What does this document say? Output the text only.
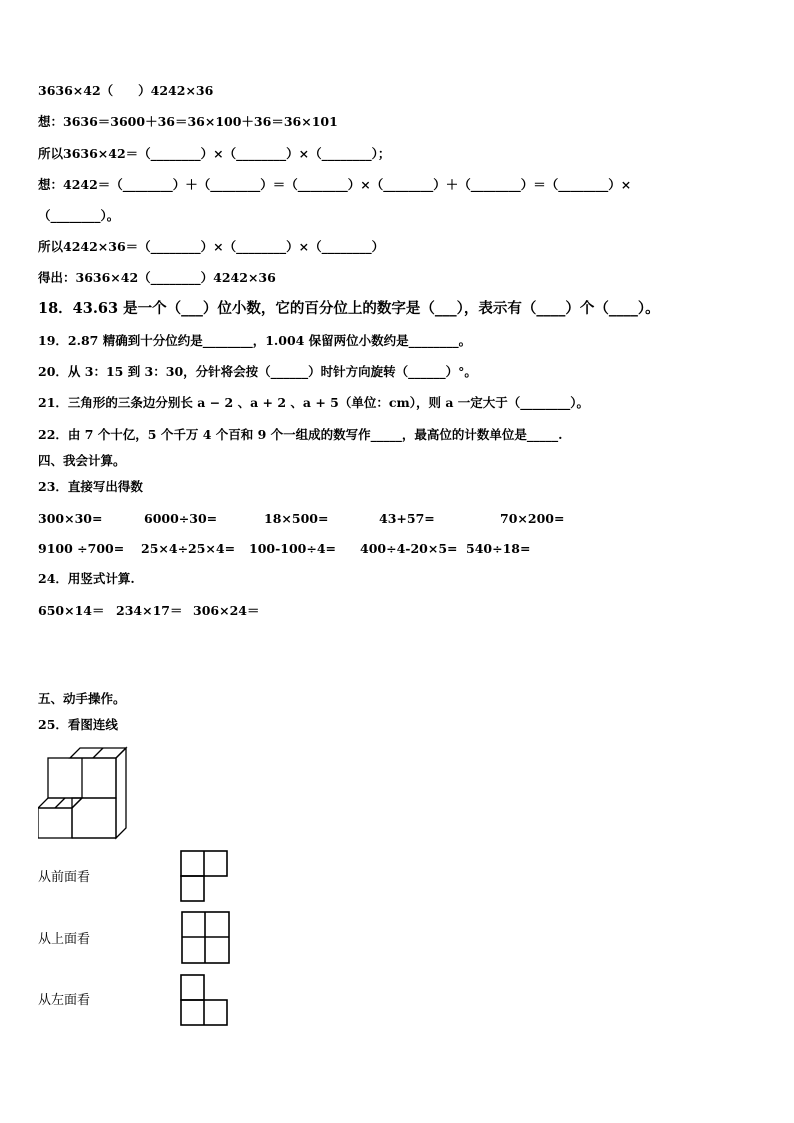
3636×42（　　）4242×36
想：3636＝3600＋36＝36×100＋36＝36×101
所以3636×42＝（________）×（________）×（________）；
想：4242＝（________）＋（________）＝（________）×（________）＋（________）＝（________）×
（________）。
所以4242×36＝（________）×（________）×（________）
得出：3636×42（________）4242×36
18．43.63 是一个（___）位小数，它的百分位上的数字是（___），表示有（____）个（____）。
19．2.87 精确到十分位约是________，1.004 保留两位小数约是________。
20．从 3：15 到 3：30，分针将会按（______）时针方向旋转（______）°。
21．三角形的三条边分别长 a − 2 、a + 2 、a + 5（单位：cm），则 a 一定大于（________）。
22．由 7 个十亿，5 个千万 4 个百和 9 个一组成的数写作_____，最高位的计数单位是_____.
四、我会计算。
23．直接写出得数
300×30=	6000÷30=	18×500=	43+57=	70×200=
9100 ÷700= 25×4÷25×4= 100-100÷4= 400÷4-20×5= 540÷18=
24．用竖式计算.
650×14＝ 234×17＝ 306×24＝
五、动手操作。
25．看图连线
从前面看
从上面看
从左面看
